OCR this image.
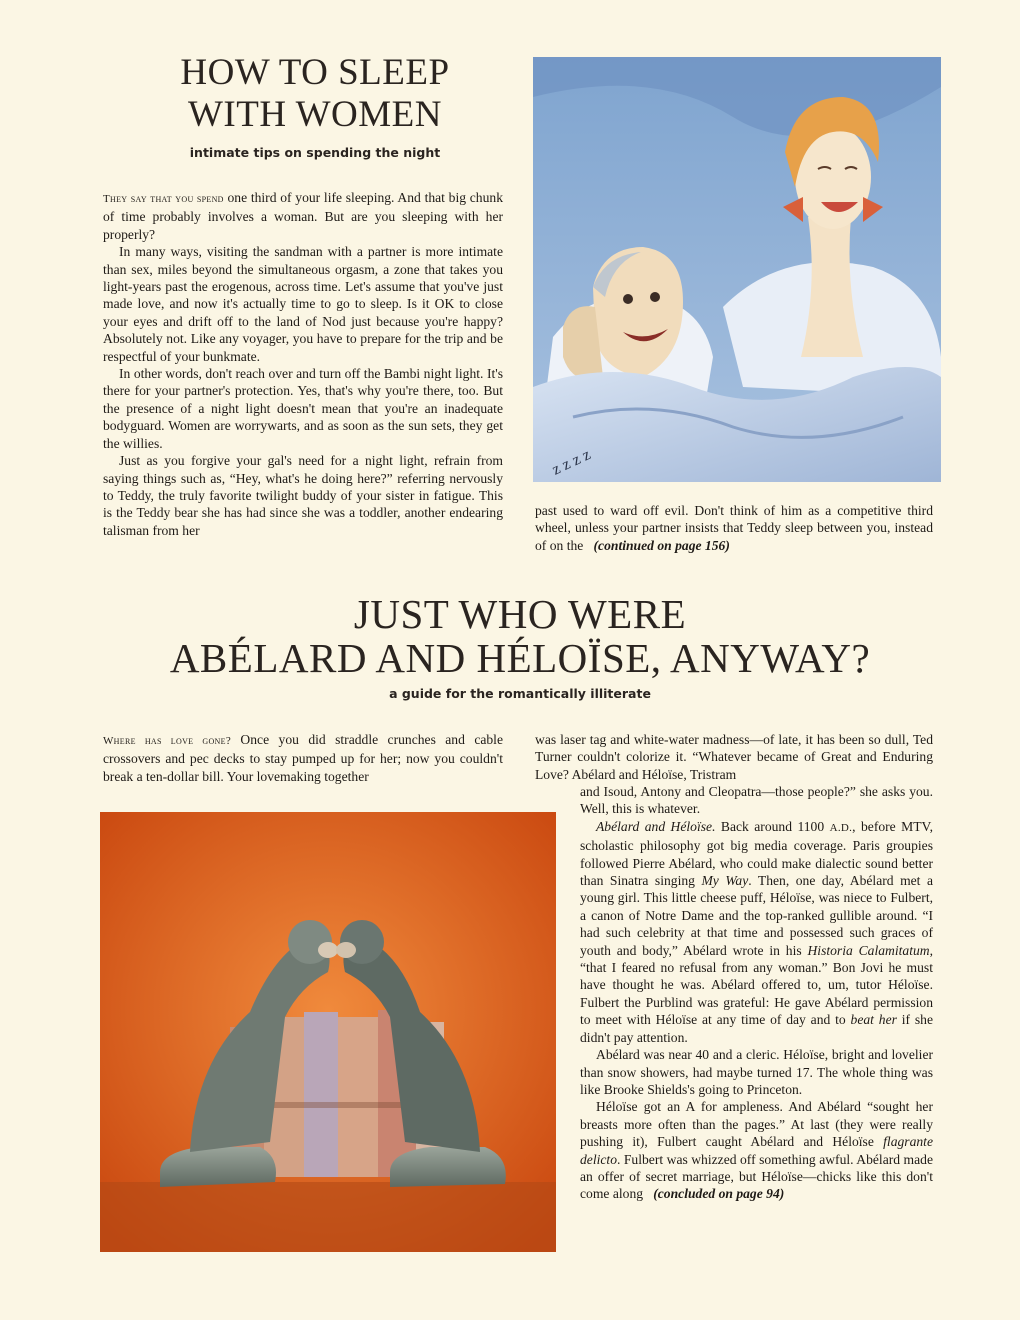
HOW TO SLEEP
WITH WOMEN
intimate tips on spending the night

They say that you spend one third of your life sleeping. And that big chunk of time probably involves a woman. But are you sleeping with her properly?

In many ways, visiting the sandman with a partner is more intimate than sex, miles beyond the simultaneous orgasm, a zone that takes you light-years past the erogenous, across time. Let's assume that you've just made love, and now it's actually time to go to sleep. Is it OK to close your eyes and drift off to the land of Nod just because you're happy? Absolutely not. Like any voyager, you have to prepare for the trip and be respectful of your bunkmate.

In other words, don't reach over and turn off the Bambi night light. It's there for your partner's protection. Yes, that's why you're there, too. But the presence of a night light doesn't mean that you're an inadequate bodyguard. Women are worrywarts, and as soon as the sun sets, they get the willies.

Just as you forgive your gal's need for a night light, refrain from saying things such as, “Hey, what's he doing here?” referring nervously to Teddy, the truly favorite twilight buddy of your sister in fatigue. This is the Teddy bear she has had since she was a toddler, another endearing talisman from her

past used to ward off evil. Don't think of him as a competitive third wheel, unless your partner insists that Teddy sleep between you, instead of on the (continued on page 156)

z z z z
JUST WHO WERE
ABÉLARD AND HÉLOÏSE, ANYWAY?
a guide for the romantically illiterate

Where has love gone? Once you did straddle crunches and cable crossovers and pec decks to stay pumped up for her; now you couldn't break a ten-dollar bill. Your lovemaking together

was laser tag and white-water madness—of late, it has been so dull, Ted Turner couldn't colorize it. “Whatever became of Great and Enduring Love? Abélard and Héloïse, Tristram

and Isoud, Antony and Cleopatra—those people?” she asks you. Well, this is whatever.

Abélard and Héloïse. Back around 1100 A.D., before MTV, scholastic philosophy got big media coverage. Paris groupies followed Pierre Abélard, who could make dialectic sound better than Sinatra singing My Way. Then, one day, Abélard met a young girl. This little cheese puff, Héloïse, was niece to Fulbert, a canon of Notre Dame and the top-ranked gullible around. “I had such celebrity at that time and possessed such graces of youth and body,” Abélard wrote in his Historia Calamitatum, “that I feared no refusal from any woman.” Bon Jovi he must have thought he was. Abélard offered to, um, tutor Héloïse. Fulbert the Purblind was grateful: He gave Abélard permission to meet with Héloïse at any time of day and to beat her if she didn't pay attention.

Abélard was near 40 and a cleric. Héloïse, bright and lovelier than snow showers, had maybe turned 17. The whole thing was like Brooke Shields's going to Princeton.

Héloïse got an A for ampleness. And Abélard “sought her breasts more often than the pages.” At last (they were really pushing it), Fulbert caught Abélard and Héloïse flagrante delicto. Fulbert was whizzed off something awful. Abélard made an offer of secret marriage, but Héloïse—chicks like this don't come along (concluded on page 94)
